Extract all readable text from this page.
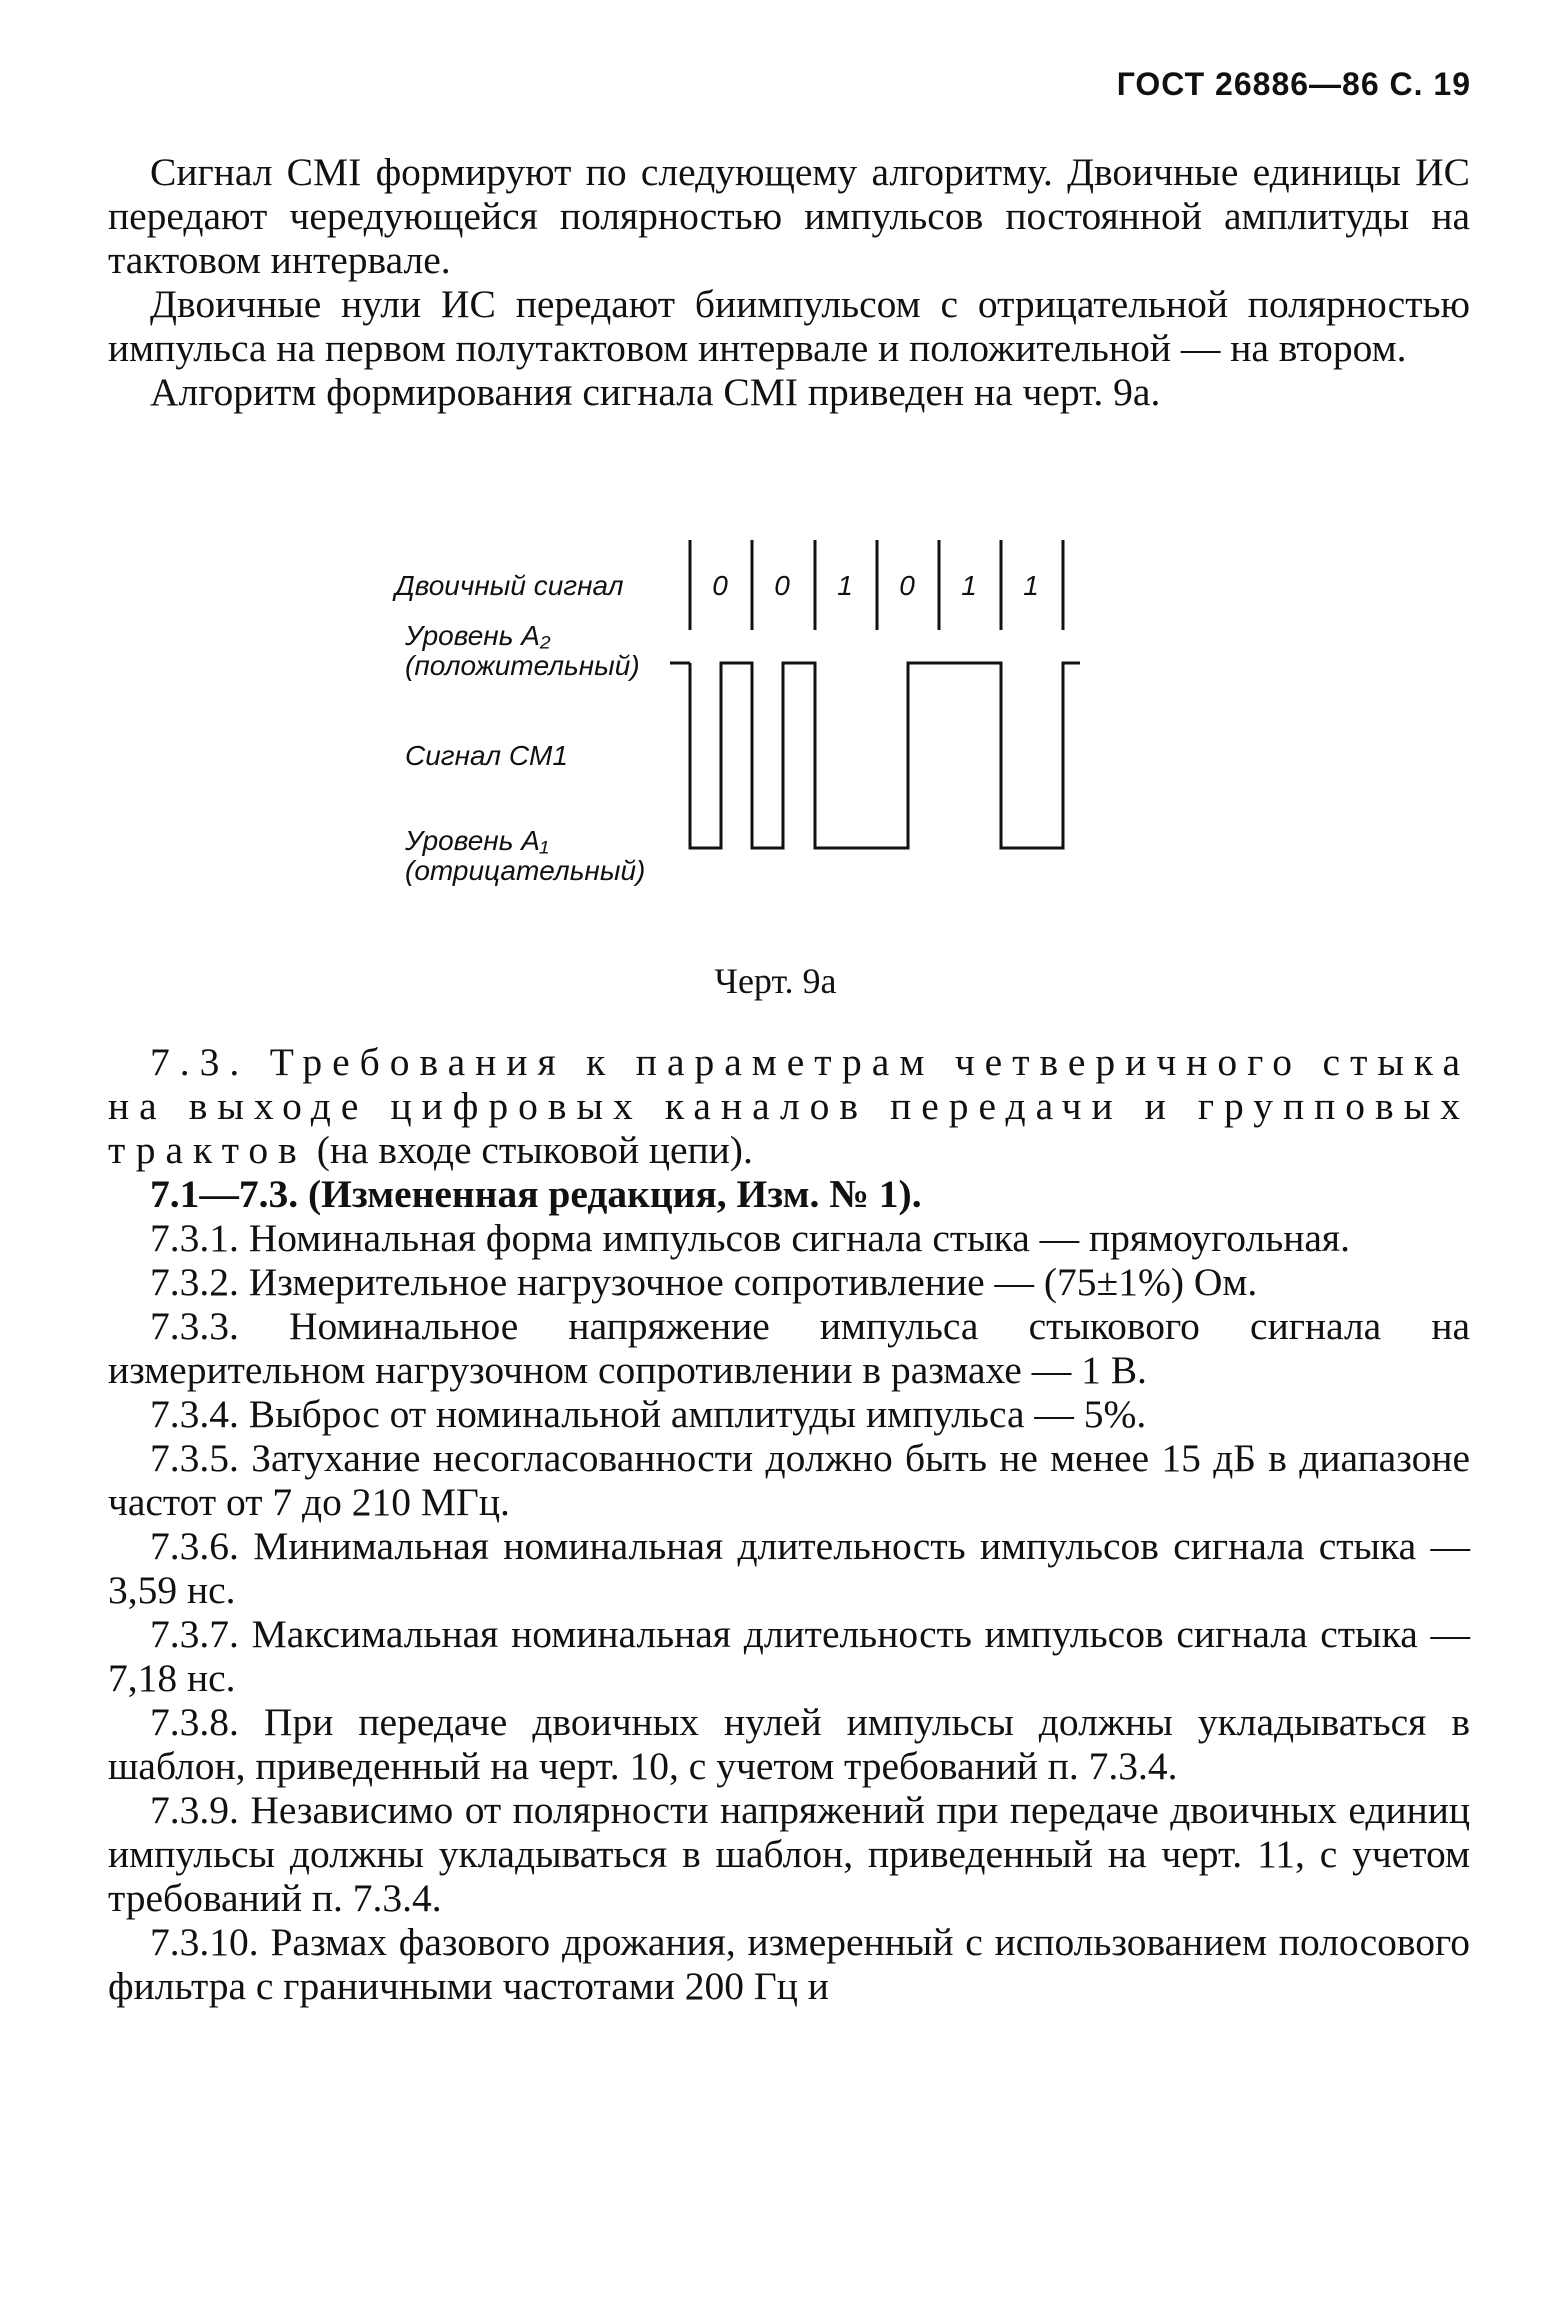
ГОСТ 26886—86 С. 19

Сигнал CMI формируют по следующему алгоритму. Двоичные единицы ИС передают чередующейся полярностью импульсов постоянной амплитуды на тактовом интервале.

Двоичные нули ИС передают биимпульсом с отрицательной полярностью импульса на первом полутактовом интервале и положительной — на втором.

Алгоритм формирования сигнала CMI приведен на черт. 9а.

Двоичный сигнал
Уровень A₂
(положительный)
Сигнал CM1
Уровень A₁
(отрицательный)
0	0	1	0	1	1
Черт. 9а

7.3. Требования к параметрам четверичного стыка на выходе цифровых каналов передачи и групповых трактов (на входе стыковой цепи).

7.1—7.3. (Измененная редакция, Изм. № 1).

7.3.1. Номинальная форма импульсов сигнала стыка — прямоугольная.

7.3.2. Измерительное нагрузочное сопротивление — (75±1%) Ом.

7.3.3. Номинальное напряжение импульса стыкового сигнала на измерительном нагрузочном сопротивлении в размахе — 1 В.

7.3.4. Выброс от номинальной амплитуды импульса — 5%.

7.3.5. Затухание несогласованности должно быть не менее 15 дБ в диапазоне частот от 7 до 210 МГц.

7.3.6. Минимальная номинальная длительность импульсов сигнала стыка — 3,59 нс.

7.3.7. Максимальная номинальная длительность импульсов сигнала стыка — 7,18 нс.

7.3.8. При передаче двоичных нулей импульсы должны укладываться в шаблон, приведенный на черт. 10, с учетом требований п. 7.3.4.

7.3.9. Независимо от полярности напряжений при передаче двоичных единиц импульсы должны укладываться в шаблон, приведенный на черт. 11, с учетом требований п. 7.3.4.

7.3.10. Размах фазового дрожания, измеренный с использованием полосового фильтра с граничными частотами 200 Гц и
